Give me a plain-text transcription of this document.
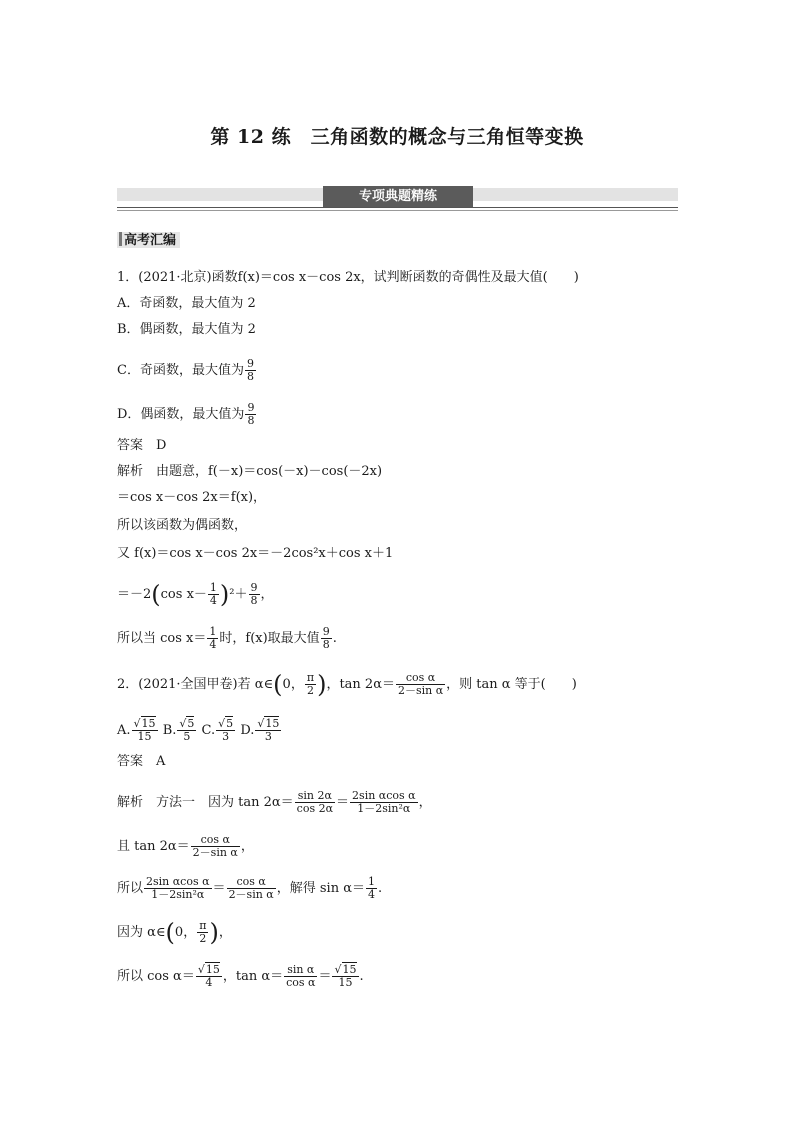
第 12 练　三角函数的概念与三角恒等变换
专项典题精练
高考汇编
1．(2021·北京)函数f(x)＝cos x－cos 2x，试判断函数的奇偶性及最大值(　　)
A．奇函数，最大值为 2
B．偶函数，最大值为 2
C．奇函数，最大值为 $\frac{9}{8}$
D．偶函数，最大值为 $\frac{9}{8}$
答案　D
解析　由题意，f(－x)＝cos(－x)－cos(－2x)
＝cos x－cos 2x＝f(x)，
所以该函数为偶函数，
又 f(x)＝cos x－cos 2x＝－2cos²x＋cos x＋1
＝－2(cos $x- \frac{1}{4} )^2+ \frac{9}{8}$ ，
所以当 $\cos x= \frac{1}{4}$ 时，f(x)取最大值 $\frac{9}{8}$ .
2．(2021·全国甲卷)若 α∈(0， $\frac{\pi}{2}$ )，$\tan 2\alpha= \frac{\text{cos α}}{\text{2－sin α}}$ ，则 tan α 等于(　　)
A. $\frac{√15}{15} B$. $\frac{√5}{5} C$. $\frac{√5}{3} D$. $\frac{√15}{3}$
答案　A
解析　方法一　因为 $\tan 2\alpha= \frac{\sin 2\alpha}{\cos 2\alpha} = \frac{\text{2sin αcos α}}{\text{1－2sin²α}}$ ，
且 $\tan 2\alpha= \frac{\text{cos α}}{\text{2－sin α}}$ ，
所以 $\frac{\text{2sin αcos α}}{\text{1－2sin²α}} = \frac{\text{cos α}}{\text{2－sin α}}$ ，解得 $\sin \alpha= \frac{1}{4}$ .
因为 α∈(0， $\frac{\pi}{2}$ )，
所以 $\cos \alpha= \frac{√15}{4}$ ，$\tan \alpha= \frac{\text{sin α}}{\text{cos α}} = \frac{√15}{15}$ .
